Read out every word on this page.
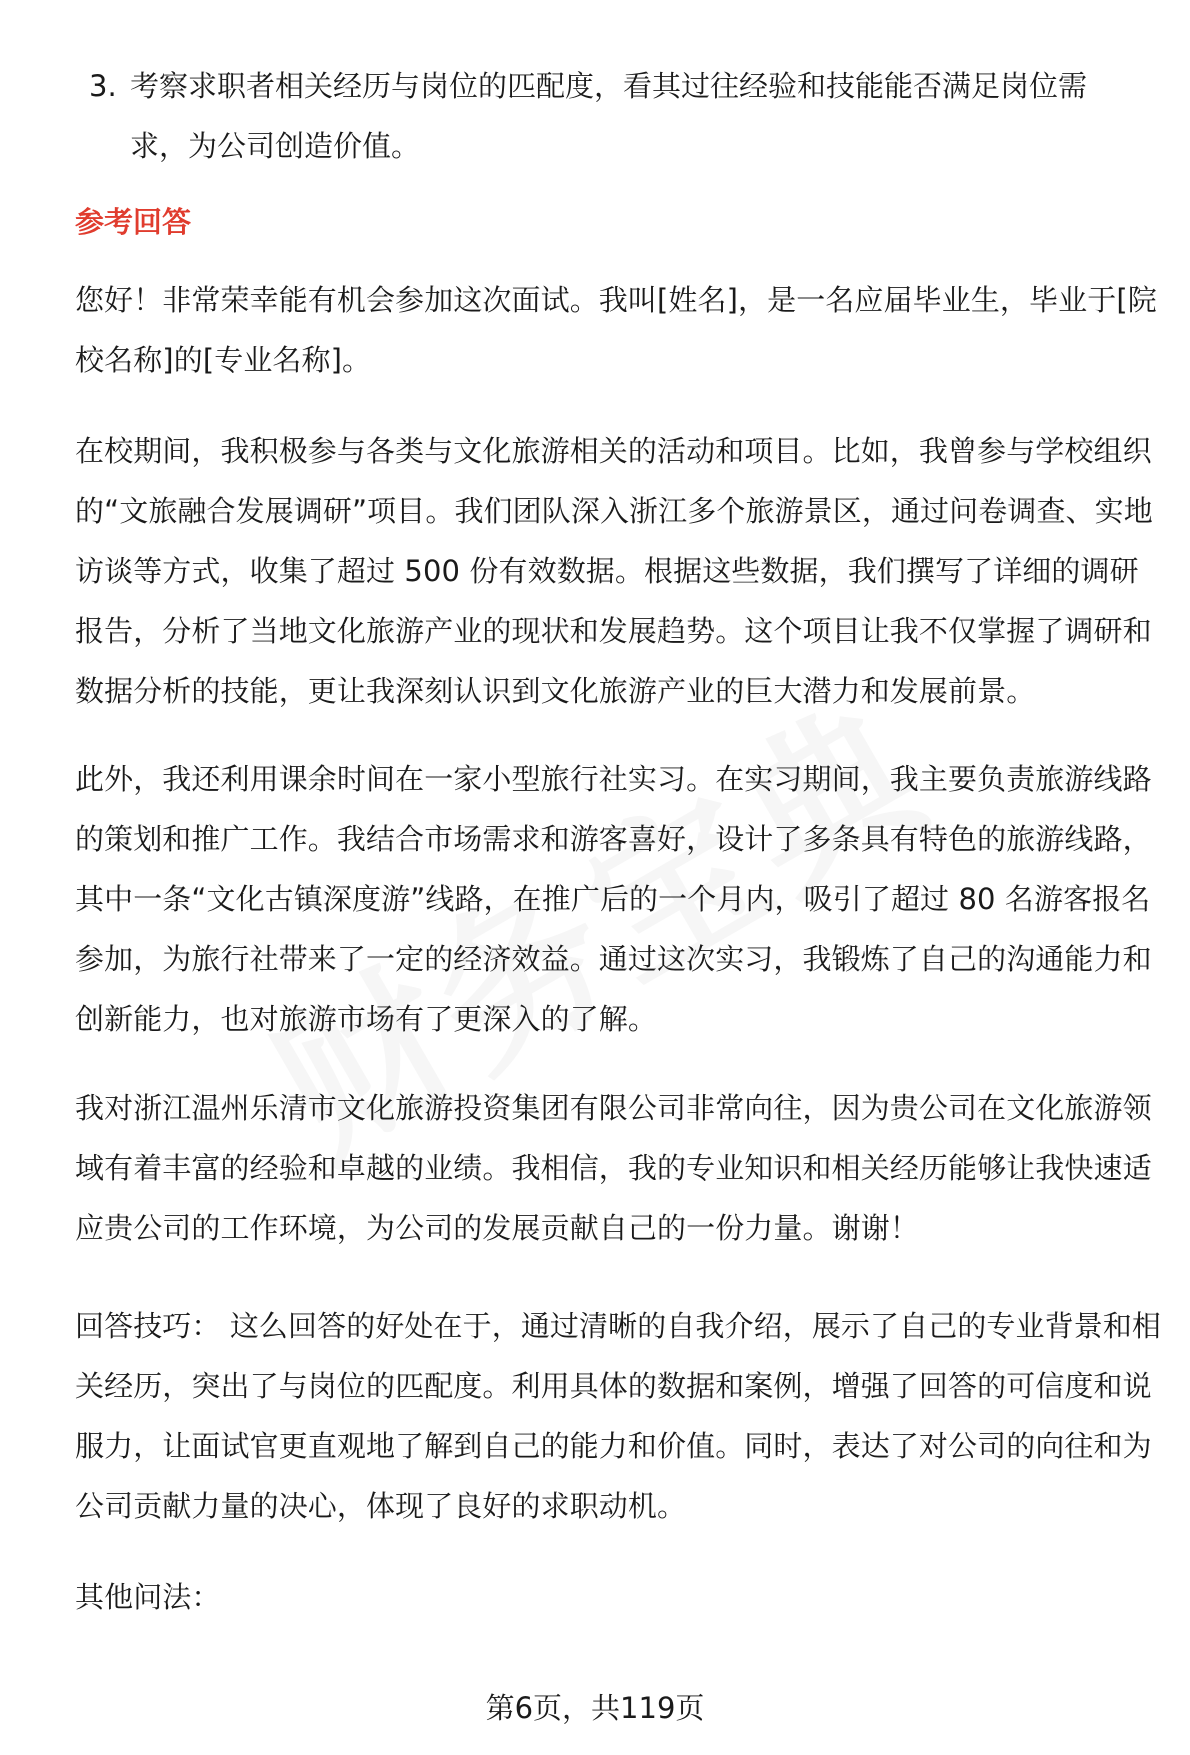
3. 考察求职者相关经历与岗位的匹配度，看其过往经验和技能能否满足岗位需求，为公司创造价值。
参考回答
您好！非常荣幸能有机会参加这次面试。我叫[姓名]，是一名应届毕业生，毕业于[院校名称]的[专业名称]。
在校期间，我积极参与各类与文化旅游相关的活动和项目。比如，我曾参与学校组织的“文旅融合发展调研”项目。我们团队深入浙江多个旅游景区，通过问卷调查、实地访谈等方式，收集了超过 500 份有效数据。根据这些数据，我们撰写了详细的调研报告，分析了当地文化旅游产业的现状和发展趋势。这个项目让我不仅掌握了调研和数据分析的技能，更让我深刻认识到文化旅游产业的巨大潜力和发展前景。
此外，我还利用课余时间在一家小型旅行社实习。在实习期间，我主要负责旅游线路的策划和推广工作。我结合市场需求和游客喜好，设计了多条具有特色的旅游线路，其中一条“文化古镇深度游”线路，在推广后的一个月内，吸引了超过 80 名游客报名参加，为旅行社带来了一定的经济效益。通过这次实习，我锻炼了自己的沟通能力和创新能力，也对旅游市场有了更深入的了解。
我对浙江温州乐清市文化旅游投资集团有限公司非常向往，因为贵公司在文化旅游领域有着丰富的经验和卓越的业绩。我相信，我的专业知识和相关经历能够让我快速适应贵公司的工作环境，为公司的发展贡献自己的一份力量。谢谢！
回答技巧： 这么回答的好处在于，通过清晰的自我介绍，展示了自己的专业背景和相关经历，突出了与岗位的匹配度。利用具体的数据和案例，增强了回答的可信度和说服力，让面试官更直观地了解到自己的能力和价值。同时，表达了对公司的向往和为公司贡献力量的决心，体现了良好的求职动机。
其他问法：
第6页，共119页
